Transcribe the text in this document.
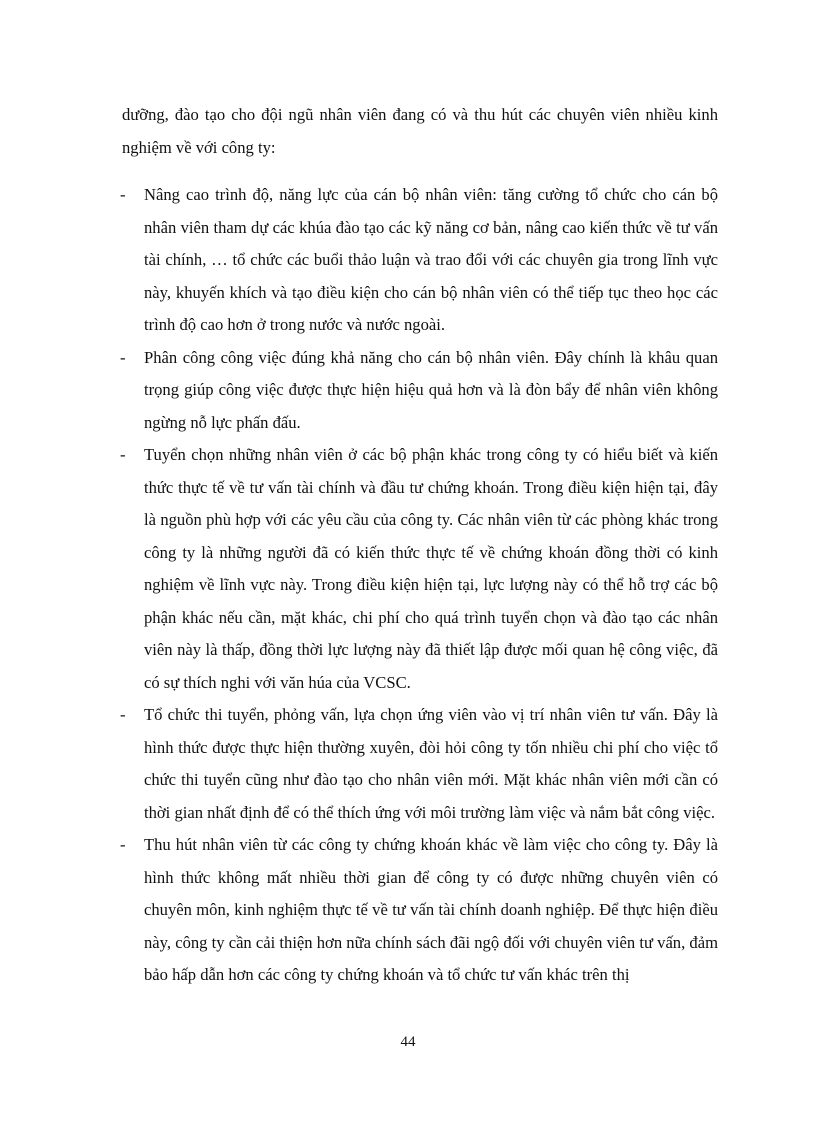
dưỡng, đào tạo cho đội ngũ nhân viên đang có và thu hút các chuyên viên nhiều kinh nghiệm về với công ty:

- Nâng cao trình độ, năng lực của cán bộ nhân viên: tăng cường tổ chức cho cán bộ nhân viên tham dự các khúa đào tạo các kỹ năng cơ bản, nâng cao kiến thức về tư vấn tài chính, … tổ chức các buổi thảo luận và trao đổi với các chuyên gia trong lĩnh vực này, khuyến khích và tạo điều kiện cho cán bộ nhân viên có thể tiếp tục theo học các trình độ cao hơn ở trong nước và nước ngoài.
- Phân công công việc đúng khả năng cho cán bộ nhân viên. Đây chính là khâu quan trọng giúp công việc được thực hiện hiệu quả hơn và là đòn bẩy để nhân viên không ngừng nỗ lực phấn đấu.
- Tuyển chọn những nhân viên ở các bộ phận khác trong công ty có hiểu biết và kiến thức thực tế về tư vấn tài chính và đầu tư chứng khoán. Trong điều kiện hiện tại, đây là nguồn phù hợp với các yêu cầu của công ty. Các nhân viên từ các phòng khác trong công ty là những người đã có kiến thức thực tế về chứng khoán đồng thời có kinh nghiệm về lĩnh vực này. Trong điều kiện hiện tại, lực lượng này có thể hỗ trợ các bộ phận khác nếu cần, mặt khác, chi phí cho quá trình tuyển chọn và đào tạo các nhân viên này là thấp, đồng thời lực lượng này đã thiết lập được mối quan hệ công việc, đã có sự thích nghi với văn húa của VCSC.
- Tổ chức thi tuyển, phỏng vấn, lựa chọn ứng viên vào vị trí nhân viên tư vấn. Đây là hình thức được thực hiện thường xuyên, đòi hỏi công ty tốn nhiều chi phí cho việc tổ chức thi tuyển cũng như đào tạo cho nhân viên mới. Mặt khác nhân viên mới cần có thời gian nhất định để có thể thích ứng với môi trường làm việc và nắm bắt công việc.
- Thu hút nhân viên từ các công ty chứng khoán khác về làm việc cho công ty. Đây là hình thức không mất nhiều thời gian để công ty có được những chuyên viên có chuyên môn, kinh nghiệm thực tế về tư vấn tài chính doanh nghiệp. Để thực hiện điều này, công ty cần cải thiện hơn nữa chính sách đãi ngộ đối với chuyên viên tư vấn, đảm bảo hấp dẫn hơn các công ty chứng khoán và tổ chức tư vấn khác trên thị
44
